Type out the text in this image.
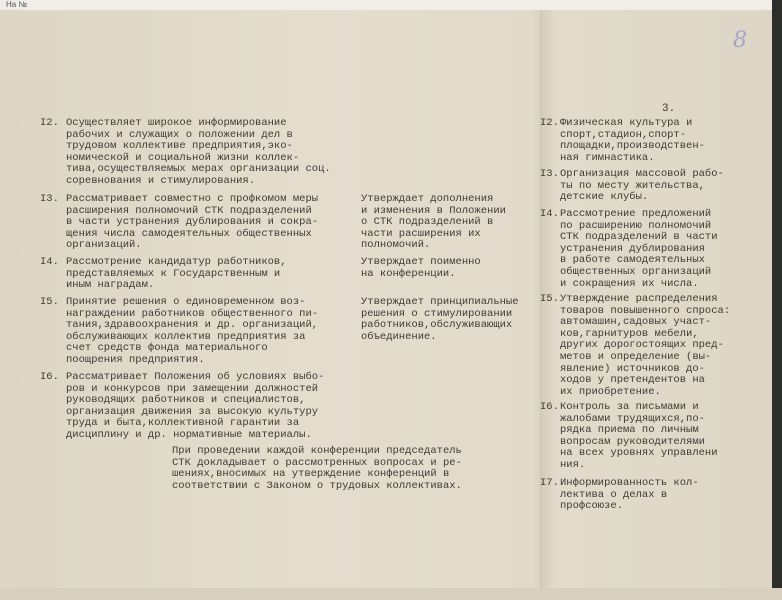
На №
8
3.
I2. Осуществляет широкое информирование
рабочих и служащих о положении дел в
трудовом коллективе предприятия,эко-
номической и социальной жизни коллек-
тива,осуществляемых мерах организации соц.
соревнования и стимулирования.
I3. Рассматривает совместно с профкомом меры
расширения полномочий СТК подразделений
в части устранения дублирования и сокра-
щения числа самодеятельных общественных
организаций.
I4. Рассмотрение кандидатур работников,
представляемых к Государственным и
иным наградам.
I5. Принятие решения о единовременном воз-
награждении работников общественного пи-
тания,здравоохранения и др. организаций,
обслуживающих коллектив предприятия за
счет средств фонда материального
поощрения предприятия.
I6. Рассматривает Положения об условиях выбо-
ров и конкурсов при замещении должностей
руководящих работников и специалистов,
организация движения за высокую культуру
труда и быта,коллективной гарантии за
дисциплину и др. нормативные материалы.
Утверждает дополнения
и изменения в Положении
о СТК подразделений в
части расширения их
полномочий.
Утверждает поименно
на конференции.
Утверждает принципиальные
решения о стимулировании
работников,обслуживающих
объединение.
При проведении каждой конференции председатель
СТК докладывает о рассмотренных вопросах и ре-
шениях,вносимых на утверждение конференций в
соответствии с Законом о трудовых коллективах.
I2. Физическая культура и
спорт,стадион,спорт-
площадки,производствен-
ная гимнастика.
I3. Организация массовой рабо-
ты по месту жительства,
детские клубы.
I4. Рассмотрение предложений
по расширению полномочий
СТК подразделений в части
устранения дублирования
в работе самодеятельных
общественных организаций
и сокращения их числа.
I5. Утверждение распределения
товаров повышенного спроса:
автомашин,садовых участ-
ков,гарнитуров мебели,
других дорогостоящих пред-
метов и определение (вы-
явление) источников до-
ходов у претендентов на
их приобретение.
I6. Контроль за письмами и
жалобами трудящихся,по-
рядка приема по личным
вопросам руководителями
на всех уровнях управлени
ния.
I7. Информированность кол-
лектива о делах в
профсоюзе.
